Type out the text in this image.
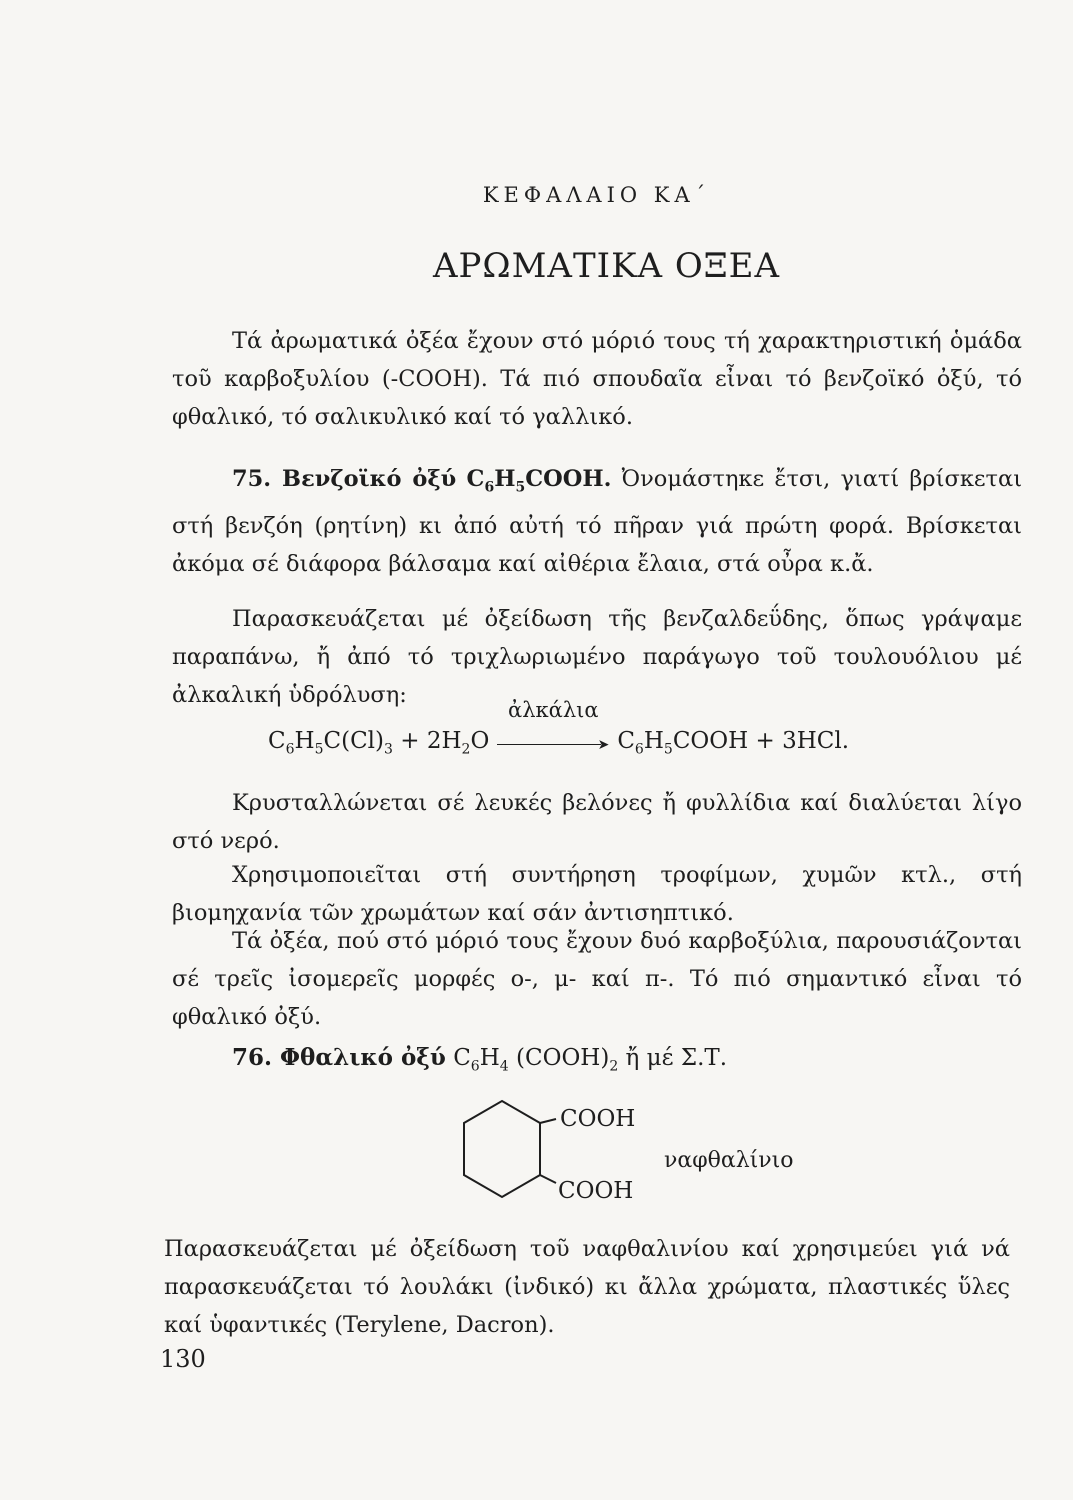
ΚΕΦΑΛΑΙΟ ΚΑ΄
ΑΡΩΜΑΤΙΚΑ ΟΞΕΑ
Τά ἀρωματικά ὀξέα ἔχουν στό μόριό τους τή χαρακτηριστική ὁμάδα τοῦ καρβοξυλίου (-COOH). Τά πιό σπουδαῖα εἶναι τό βενζοϊκό ὀξύ, τό φθαλικό, τό σαλικυλικό καί τό γαλλικό.
75. Βενζοϊκό ὀξύ $C_6H_5COOH$. Ὀνομάστηκε ἔτσι, γιατί βρίσκεται στή βενζόη (ρητίνη) κι ἀπό αὐτή τό πῆραν γιά πρώτη φορά. Βρίσκεται ἀκόμα σέ διάφορα βάλσαμα καί αἰθέρια ἔλαια, στά οὖρα κ.ἄ.
Παρασκευάζεται μέ ὀξείδωση τῆς βενζαλδεΰδης, ὅπως γράψαμε παραπάνω, ἤ ἀπό τό τριχλωριωμένο παράγωγο τοῦ τουλουόλιου μέ ἀλκαλική ὑδρόλυση:
$C_6H_5C(Cl)_3 + 2H_2O$
ἀλκάλια
➤ $C_6H_5COOH + 3HCl$.
Κρυσταλλώνεται σέ λευκές βελόνες ἤ φυλλίδια καί διαλύεται λίγο στό νερό.
Χρησιμοποιεῖται στή συντήρηση τροφίμων, χυμῶν κτλ., στή βιομηχανία τῶν χρωμάτων καί σάν ἀντισηπτικό.
Τά ὀξέα, πού στό μόριό τους ἔχουν δυό καρβοξύλια, παρουσιάζονται σέ τρεῖς ἰσομερεῖς μορφές ο-, μ- καί π-. Τό πιό σημαντικό εἶναι τό φθαλικό ὀξύ.
76. Φθαλικό ὀξύ $C_6H_4$ $(COOH)_2$ ἤ μέ Σ.Τ.
COOH
COOH
ναφθαλίνιο
Παρασκευάζεται μέ ὀξείδωση τοῦ ναφθαλινίου καί χρησιμεύει γιά νά παρασκευάζεται τό λουλάκι (ἰνδικό) κι ἄλλα χρώματα, πλαστικές ὕλες καί ὑφαντικές (Terylene, Dacron).
130
